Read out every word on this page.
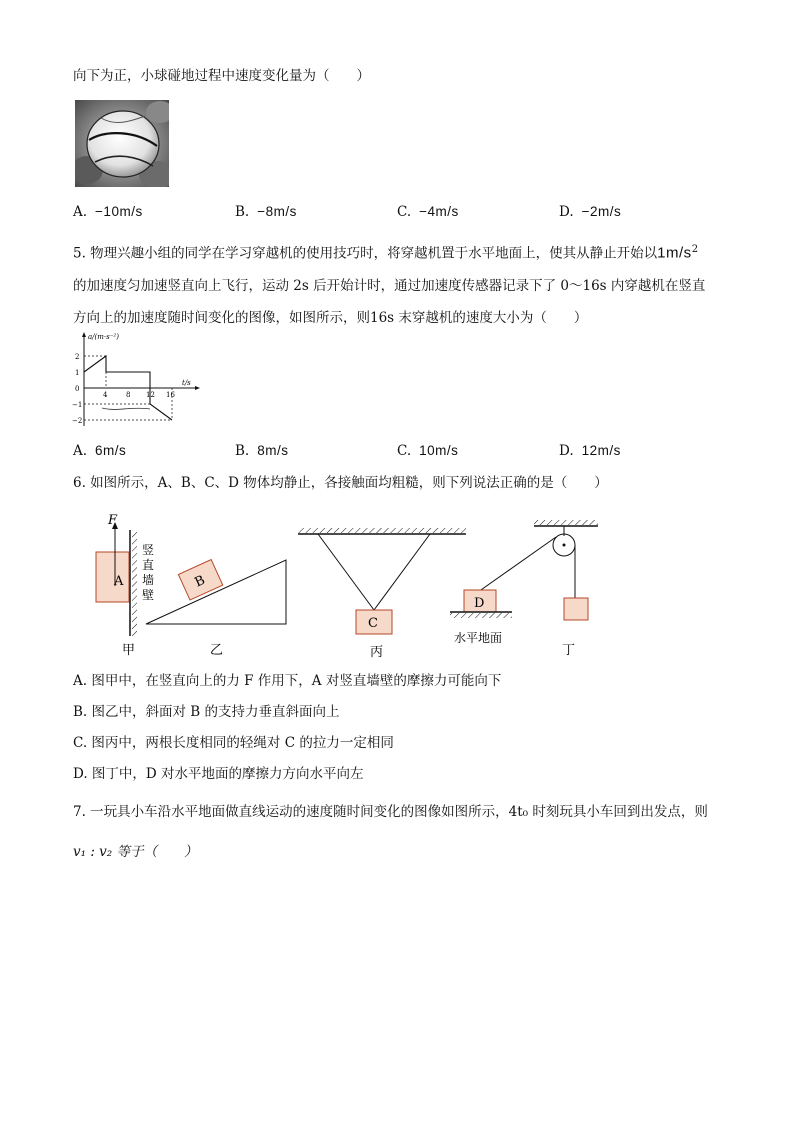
向下为正，小球碰地过程中速度变化量为（　　）
A. −10m/s	B. −8m/s	C. −4m/s	D. −2m/s
5. 物理兴趣小组的同学在学习穿越机的使用技巧时，将穿越机置于水平地面上，使其从静止开始以$1m/s^2$
的加速度匀加速竖直向上飞行，运动 2s 后开始计时，通过加速度传感器记录下了 0～16s 内穿越机在竖直
方向上的加速度随时间变化的图像，如图所示，则16s 末穿越机的速度大小为（　　）
a/(m·s⁻²)
t/s
2
1
0
−1
−2
4	8 12 16
A. 6m/s	B. 8m/s	C. 10m/s	D. 12m/s
6. 如图所示，A、B、C、D 物体均静止，各接触面均粗糙，则下列说法正确的是（　　）
F
A
竖
直
墙
壁
甲
B
乙
C
丙
D
水平地面
丁
A. 图甲中，在竖直向上的力 F 作用下，A 对竖直墙壁的摩擦力可能向下
B. 图乙中，斜面对 B 的支持力垂直斜面向上
C. 图丙中，两根长度相同的轻绳对 C 的拉力一定相同
D. 图丁中，D 对水平地面的摩擦力方向水平向左
7. 一玩具小车沿水平地面做直线运动的速度随时间变化的图像如图所示，4t₀ 时刻玩具小车回到出发点，则
v₁ : v₂ 等于（　　）
